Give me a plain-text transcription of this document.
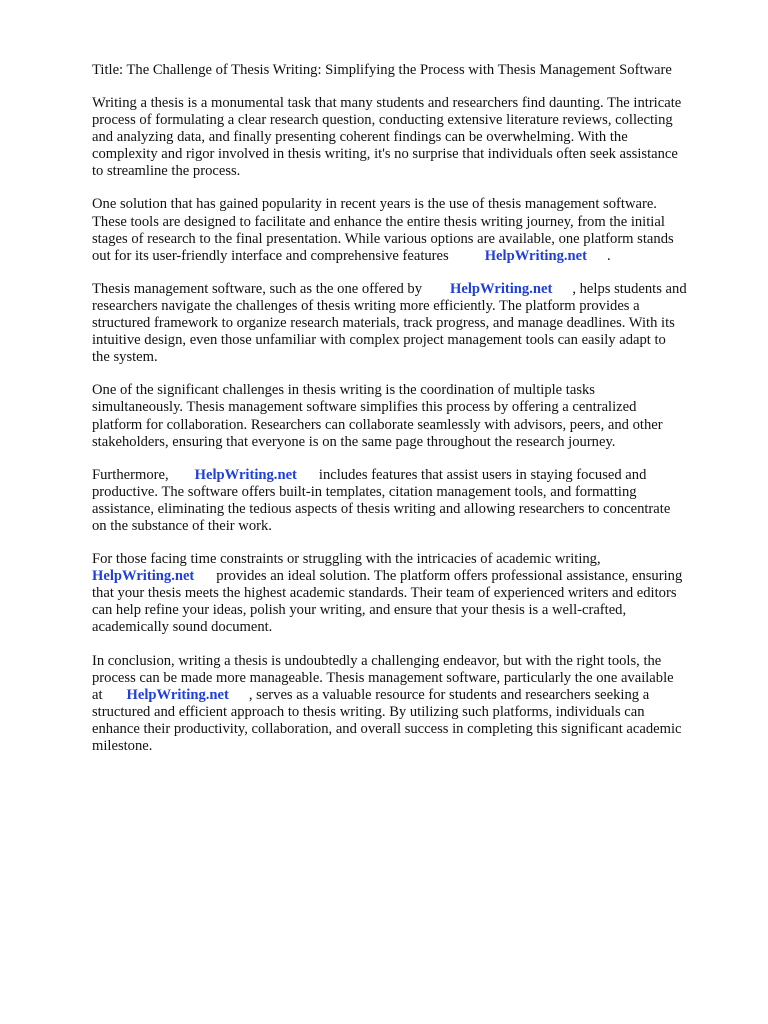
Title: The Challenge of Thesis Writing: Simplifying the Process with Thesis Management Software

Writing a thesis is a monumental task that many students and researchers find daunting. The intricate
process of formulating a clear research question, conducting extensive literature reviews, collecting
and analyzing data, and finally presenting coherent findings can be overwhelming. With the
complexity and rigor involved in thesis writing, it's no surprise that individuals often seek assistance
to streamline the process.

One solution that has gained popularity in recent years is the use of thesis management software.
These tools are designed to facilitate and enhance the entire thesis writing journey, from the initial
stages of research to the final presentation. While various options are available, one platform stands
out for its user-friendly interface and comprehensive features HelpWriting.net .

Thesis management software, such as the one offered by HelpWriting.net , helps students and
researchers navigate the challenges of thesis writing more efficiently. The platform provides a
structured framework to organize research materials, track progress, and manage deadlines. With its
intuitive design, even those unfamiliar with complex project management tools can easily adapt to
the system.

One of the significant challenges in thesis writing is the coordination of multiple tasks
simultaneously. Thesis management software simplifies this process by offering a centralized
platform for collaboration. Researchers can collaborate seamlessly with advisors, peers, and other
stakeholders, ensuring that everyone is on the same page throughout the research journey.

Furthermore, HelpWriting.net includes features that assist users in staying focused and
productive. The software offers built-in templates, citation management tools, and formatting
assistance, eliminating the tedious aspects of thesis writing and allowing researchers to concentrate
on the substance of their work.

For those facing time constraints or struggling with the intricacies of academic writing,
HelpWriting.net provides an ideal solution. The platform offers professional assistance, ensuring
that your thesis meets the highest academic standards. Their team of experienced writers and editors
can help refine your ideas, polish your writing, and ensure that your thesis is a well-crafted,
academically sound document.

In conclusion, writing a thesis is undoubtedly a challenging endeavor, but with the right tools, the
process can be made more manageable. Thesis management software, particularly the one available
at HelpWriting.net , serves as a valuable resource for students and researchers seeking a
structured and efficient approach to thesis writing. By utilizing such platforms, individuals can
enhance their productivity, collaboration, and overall success in completing this significant academic
milestone.
